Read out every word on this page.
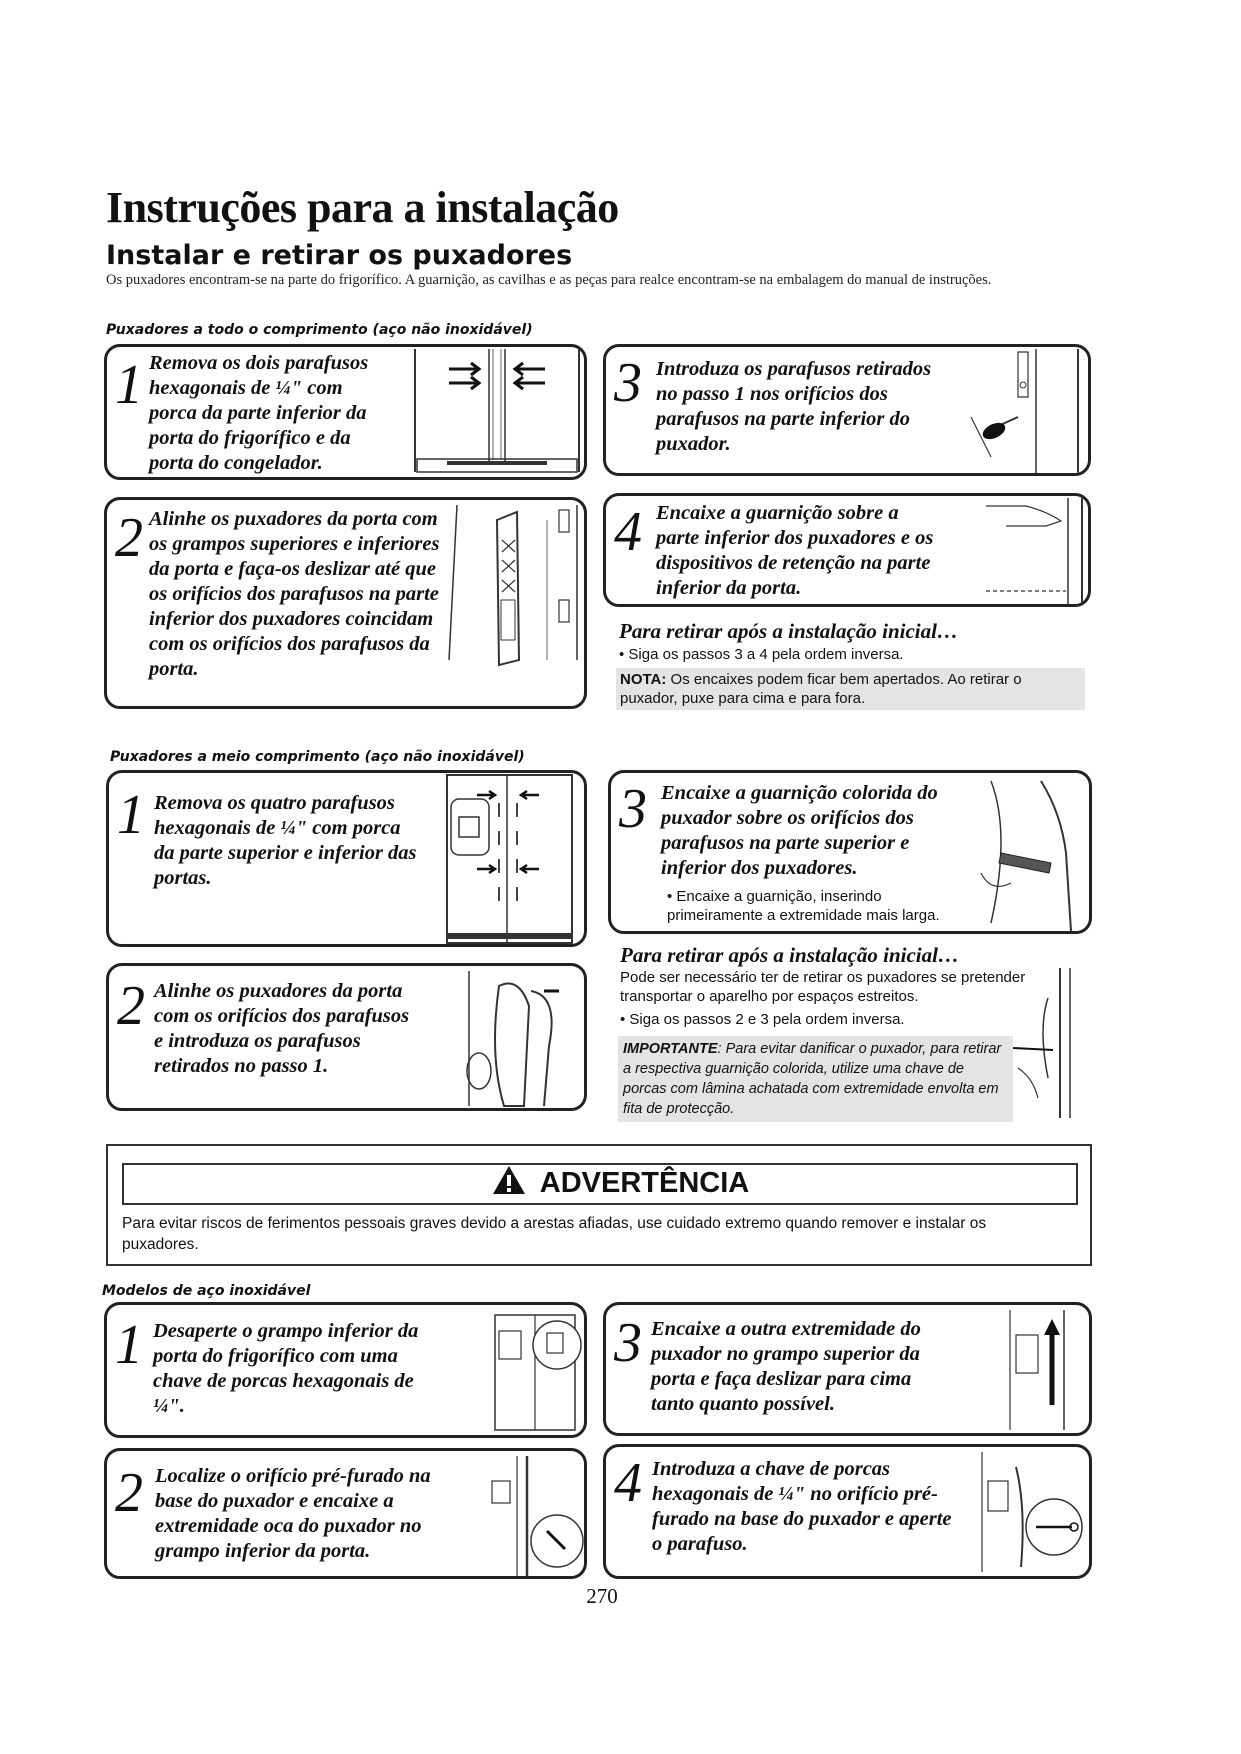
Instruções para a instalação
Instalar e retirar os puxadores
Os puxadores encontram-se na parte do frigorífico. A guarnição, as cavilhas e as peças para realce encontram-se na embalagem do manual de instruções.
Puxadores a todo o comprimento (aço não inoxidável)
1 Remova os dois parafusos hexagonais de ¼" com porca da parte inferior da porta do frigorífico e da porta do congelador.
2 Alinhe os puxadores da porta com os grampos superiores e inferiores da porta e faça-os deslizar até que os orifícios dos parafusos na parte inferior dos puxadores coincidam com os orifícios dos parafusos da porta.
3 Introduza os parafusos retirados no passo 1 nos orifícios dos parafusos na parte inferior do puxador.
4 Encaixe a guarnição sobre a parte inferior dos puxadores e os dispositivos de retenção na parte inferior da porta.
Para retirar após a instalação inicial…
• Siga os passos 3 a 4 pela ordem inversa.
NOTA: Os encaixes podem ficar bem apertados. Ao retirar o puxador, puxe para cima e para fora.
Puxadores a meio comprimento (aço não inoxidável)
1 Remova os quatro parafusos hexagonais de ¼" com porca da parte superior e inferior das portas.
2 Alinhe os puxadores da porta com os orifícios dos parafusos e introduza os parafusos retirados no passo 1.
3 Encaixe a guarnição colorida do puxador sobre os orifícios dos parafusos na parte superior e inferior dos puxadores.
• Encaixe a guarnição, inserindo primeiramente a extremidade mais larga.
Para retirar após a instalação inicial…
Pode ser necessário ter de retirar os puxadores se pretender transportar o aparelho por espaços estreitos.
• Siga os passos 2 e 3 pela ordem inversa.
IMPORTANTE: Para evitar danificar o puxador, para retirar a respectiva guarnição colorida, utilize uma chave de porcas com lâmina achatada com extremidade envolta em fita de protecção.
ADVERTÊNCIA
Para evitar riscos de ferimentos pessoais graves devido a arestas afiadas, use cuidado extremo quando remover e instalar os puxadores.
Modelos de aço inoxidável
1 Desaperte o grampo inferior da porta do frigorífico com uma chave de porcas hexagonais de ¼".
2 Localize o orifício pré-furado na base do puxador e encaixe a extremidade oca do puxador no grampo inferior da porta.
3 Encaixe a outra extremidade do puxador no grampo superior da porta e faça deslizar para cima tanto quanto possível.
4 Introduza a chave de porcas hexagonais de ¼" no orifício pré-furado na base do puxador e aperte o parafuso.
270
